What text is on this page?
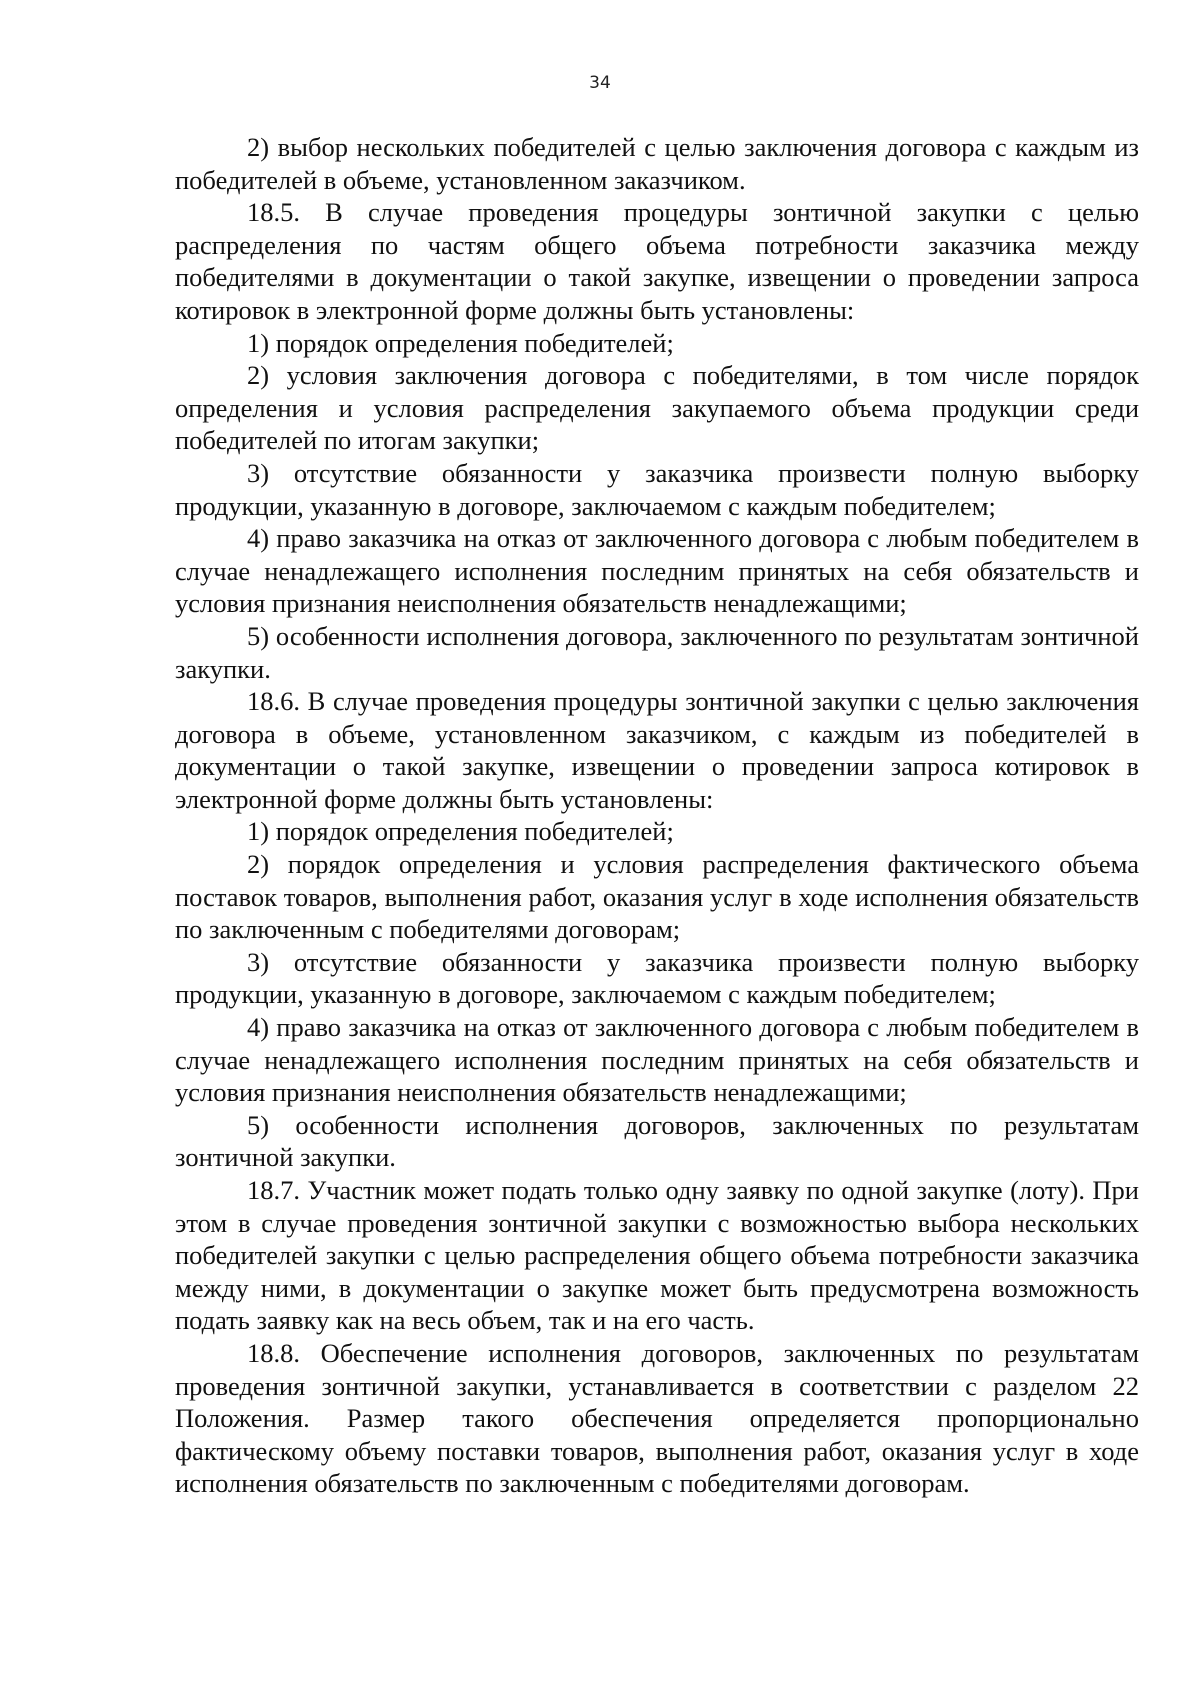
34

2) выбор нескольких победителей с целью заключения договора с каждым из победителей в объеме, установленном заказчиком.

18.5. В случае проведения процедуры зонтичной закупки с целью распределения по частям общего объема потребности заказчика между победителями в документации о такой закупке, извещении о проведении запроса котировок в электронной форме должны быть установлены:

1) порядок определения победителей;

2) условия заключения договора с победителями, в том числе порядок определения и условия распределения закупаемого объема продукции среди победителей по итогам закупки;

3) отсутствие обязанности у заказчика произвести полную выборку продукции, указанную в договоре, заключаемом с каждым победителем;

4) право заказчика на отказ от заключенного договора с любым победителем в случае ненадлежащего исполнения последним принятых на себя обязательств и условия признания неисполнения обязательств ненадлежащими;

5) особенности исполнения договора, заключенного по результатам зонтичной закупки.

18.6. В случае проведения процедуры зонтичной закупки с целью заключения договора в объеме, установленном заказчиком, с каждым из победителей в документации о такой закупке, извещении о проведении запроса котировок в электронной форме должны быть установлены:

1) порядок определения победителей;

2) порядок определения и условия распределения фактического объема поставок товаров, выполнения работ, оказания услуг в ходе исполнения обязательств по заключенным с победителями договорам;

3) отсутствие обязанности у заказчика произвести полную выборку продукции, указанную в договоре, заключаемом с каждым победителем;

4) право заказчика на отказ от заключенного договора с любым победителем в случае ненадлежащего исполнения последним принятых на себя обязательств и условия признания неисполнения обязательств ненадлежащими;

5) особенности исполнения договоров, заключенных по результатам зонтичной закупки.

18.7. Участник может подать только одну заявку по одной закупке (лоту). При этом в случае проведения зонтичной закупки с возможностью выбора нескольких победителей закупки с целью распределения общего объема потребности заказчика между ними, в документации о закупке может быть предусмотрена возможность подать заявку как на весь объем, так и на его часть.

18.8. Обеспечение исполнения договоров, заключенных по результатам проведения зонтичной закупки, устанавливается в соответствии с разделом 22 Положения. Размер такого обеспечения определяется пропорционально фактическому объему поставки товаров, выполнения работ, оказания услуг в ходе исполнения обязательств по заключенным с победителями договорам.
